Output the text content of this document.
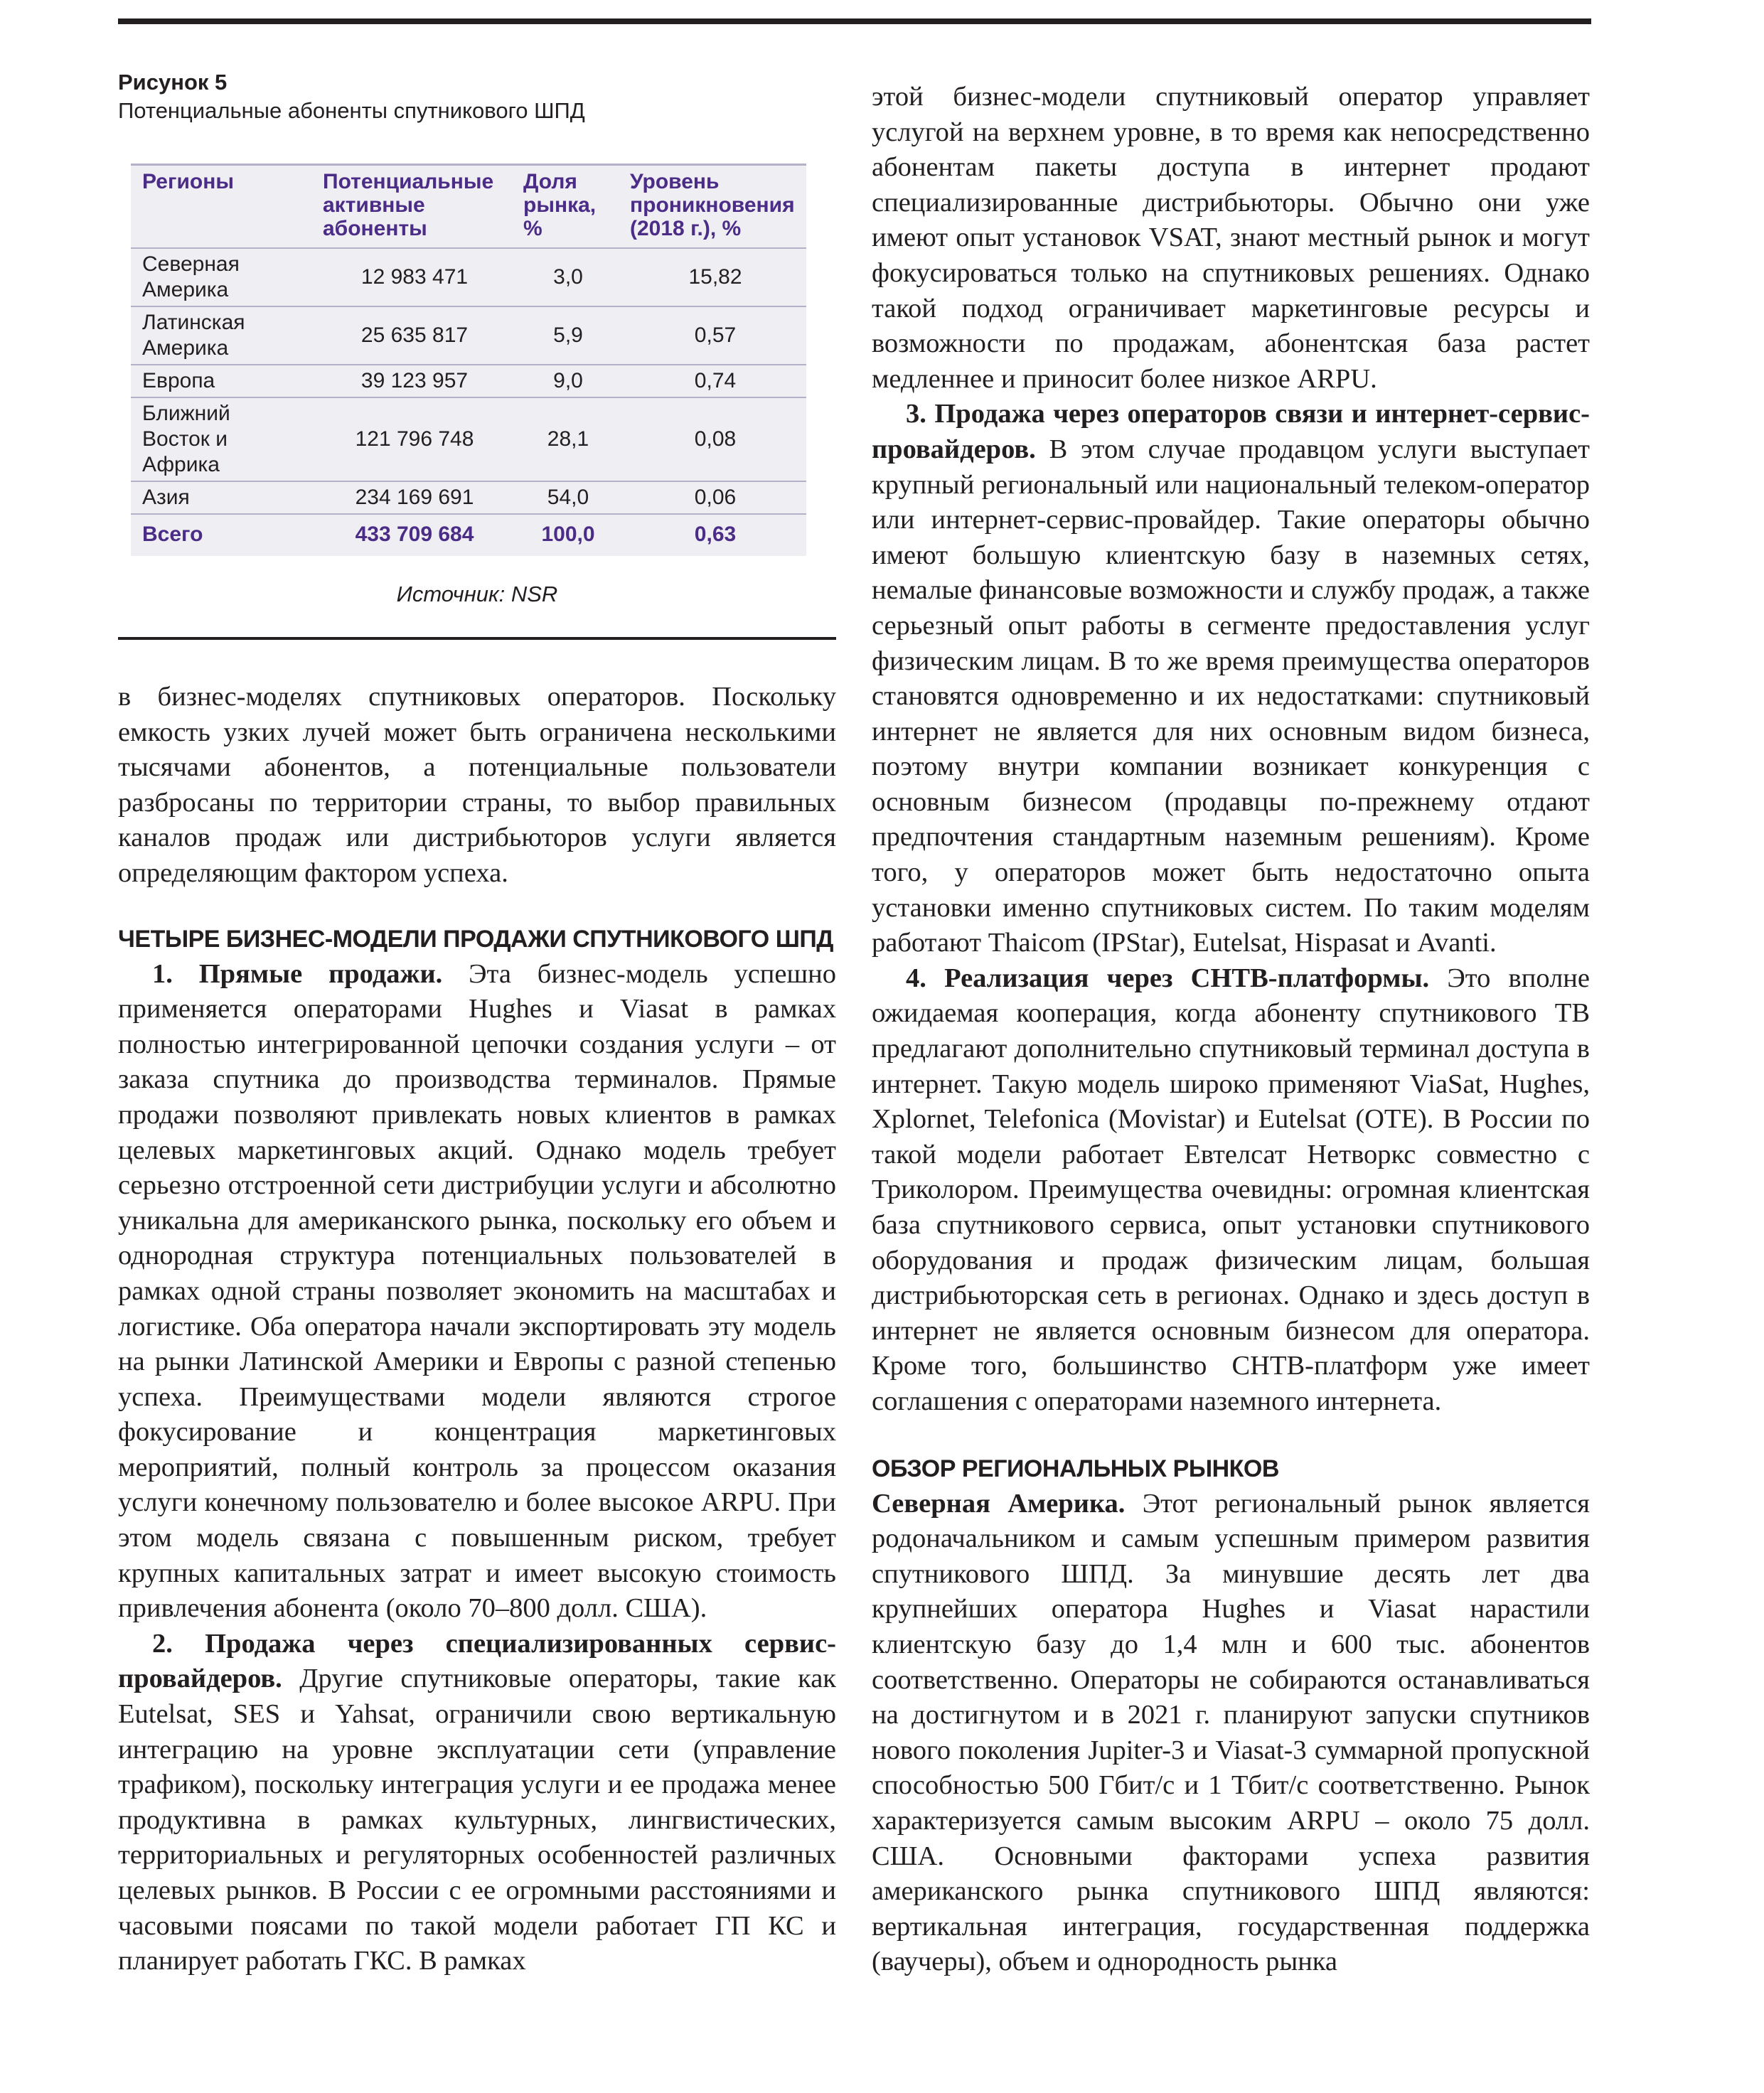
Рисунок 5

Потенциальные абоненты спутникового ШПД

Регионы	Потенциальные активные абоненты	Доля рынка, %	Уровень проникновения (2018 г.), %
Северная Америка	12 983 471	3,0	15,82
Латинская Америка	25 635 817	5,9	0,57
Европа	39 123 957	9,0	0,74
Ближний Восток и Африка	121 796 748	28,1	0,08
Азия	234 169 691	54,0	0,06
Всего	433 709 684	100,0	0,63
Источник: NSR

в бизнес-моделях спутниковых операторов. Поскольку емкость узких лучей может быть ограничена несколькими тысячами абонентов, а потенциальные пользователи разбросаны по территории страны, то выбор правильных каналов продаж или дистрибьюторов услуги является определяющим фактором успеха.

ЧЕТЫРЕ БИЗНЕС-МОДЕЛИ ПРОДАЖИ СПУТНИКОВОГО ШПД

1. Прямые продажи. Эта бизнес-модель успешно применяется операторами Hughes и Viasat в рамках полностью интегрированной цепочки создания услуги – от заказа спутника до производства терминалов. Прямые продажи позволяют привлекать новых клиентов в рамках целевых маркетинговых акций. Однако модель требует серьезно отстроенной сети дистрибуции услуги и абсолютно уникальна для американского рынка, поскольку его объем и однородная структура потенциальных пользователей в рамках одной страны позволяет экономить на масштабах и логистике. Оба оператора начали экспортировать эту модель на рынки Латинской Америки и Европы с разной степенью успеха. Преимуществами модели являются строгое фокусирование и концентрация маркетинговых мероприятий, полный контроль за процессом оказания услуги конечному пользователю и более высокое ARPU. При этом модель связана с повышенным риском, требует крупных капитальных затрат и имеет высокую стоимость привлечения абонента (около 70–800 долл. США).

2. Продажа через специализированных сервис-провайдеров. Другие спутниковые операторы, такие как Eutelsat, SES и Yahsat, ограничили свою вертикальную интеграцию на уровне эксплуатации сети (управление трафиком), поскольку интеграция услуги и ее продажа менее продуктивна в рамках культурных, лингвистических, территориальных и регуляторных особенностей различных целевых рынков. В России с ее огромными расстояниями и часовыми поясами по такой модели работает ГП КС и планирует работать ГКС. В рамках

этой бизнес-модели спутниковый оператор управляет услугой на верхнем уровне, в то время как непосредственно абонентам пакеты доступа в интернет продают специализированные дистрибьюторы. Обычно они уже имеют опыт установок VSAT, знают местный рынок и могут фокусироваться только на спутниковых решениях. Однако такой подход ограничивает маркетинговые ресурсы и возможности по продажам, абонентская база растет медленнее и приносит более низкое ARPU.

3. Продажа через операторов связи и интернет-сервис-провайдеров. В этом случае продавцом услуги выступает крупный региональный или национальный телеком-оператор или интернет-сервис-провайдер. Такие операторы обычно имеют большую клиентскую базу в наземных сетях, немалые финансовые возможности и службу продаж, а также серьезный опыт работы в сегменте предоставления услуг физическим лицам. В то же время преимущества операторов становятся одновременно и их недостатками: спутниковый интернет не является для них основным видом бизнеса, поэтому внутри компании возникает конкуренция с основным бизнесом (продавцы по-прежнему отдают предпочтения стандартным наземным решениям). Кроме того, у операторов может быть недостаточно опыта установки именно спутниковых систем. По таким моделям работают Thaicom (IPStar), Eutelsat, Hispasat и Avanti.

4. Реализация через СНТВ-платформы. Это вполне ожидаемая кооперация, когда абоненту спутникового ТВ предлагают дополнительно спутниковый терминал доступа в интернет. Такую модель широко применяют ViaSat, Hughes, Xplornet, Telefonica (Movistar) и Eutelsat (OTE). В России по такой модели работает Евтелсат Нетворкс совместно с Триколором. Преимущества очевидны: огромная клиентская база спутникового сервиса, опыт установки спутникового оборудования и продаж физическим лицам, большая дистрибьюторская сеть в регионах. Однако и здесь доступ в интернет не является основным бизнесом для оператора. Кроме того, большинство СНТВ-платформ уже имеет соглашения с операторами наземного интернета.

ОБЗОР РЕГИОНАЛЬНЫХ РЫНКОВ

Северная Америка. Этот региональный рынок является родоначальником и самым успешным примером развития спутникового ШПД. За минувшие десять лет два крупнейших оператора Hughes и Viasat нарастили клиентскую базу до 1,4 млн и 600 тыс. абонентов соответственно. Операторы не собираются останавливаться на достигнутом и в 2021 г. планируют запуски спутников нового поколения Jupiter-3 и Viasat-3 суммарной пропускной способностью 500 Гбит/с и 1 Тбит/с соответственно. Рынок характеризуется самым высоким ARPU – около 75 долл. США. Основными факторами успеха развития американского рынка спутникового ШПД являются: вертикальная интеграция, государственная поддержка (ваучеры), объем и однородность рынка
